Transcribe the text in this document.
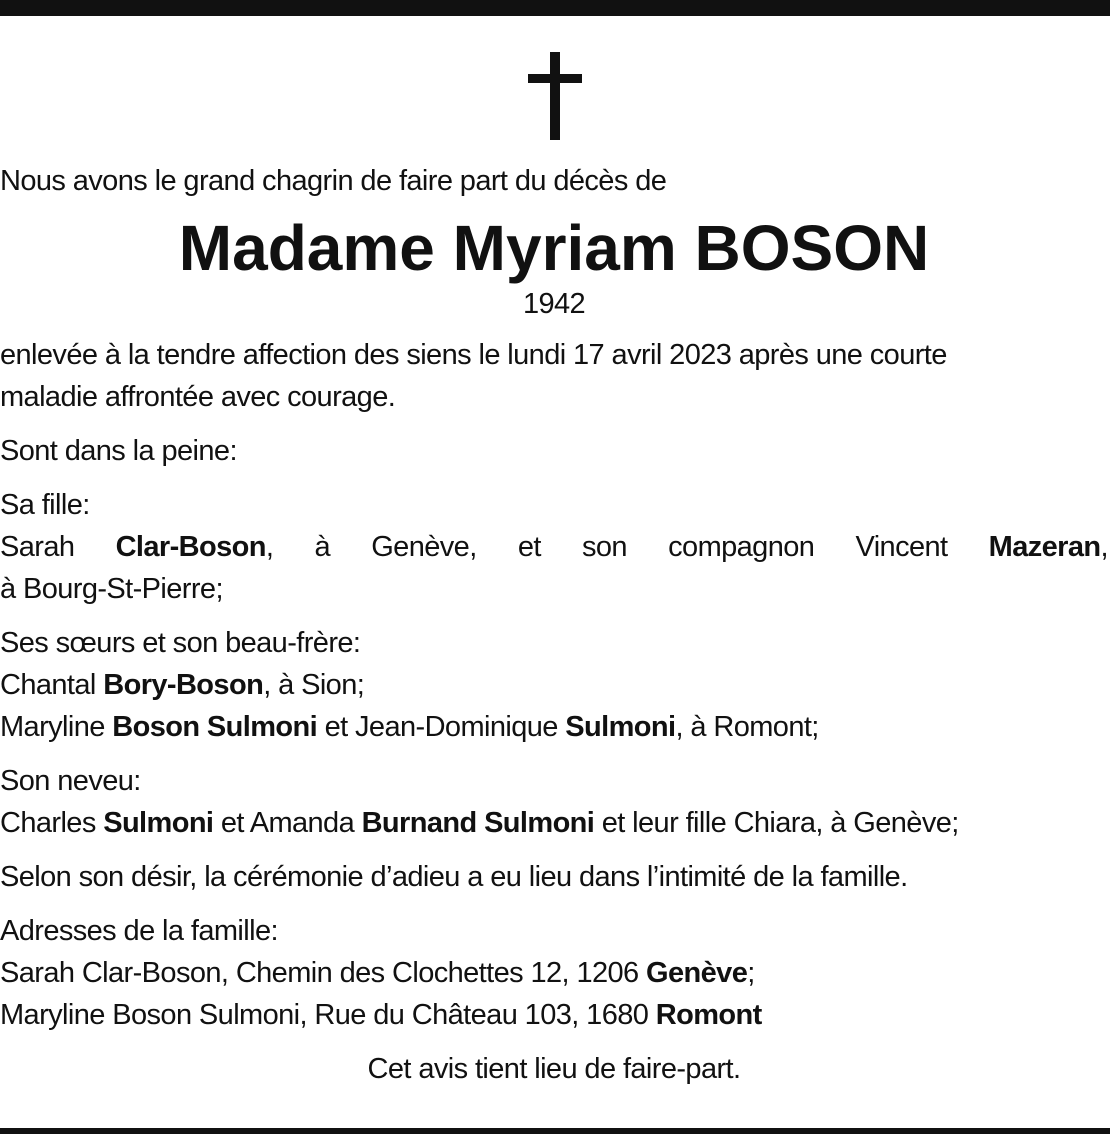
Nous avons le grand chagrin de faire part du décès de

Madame Myriam BOSON

1942

enlevée à la tendre affection des siens le lundi 17 avril 2023 après une courte

maladie affrontée avec courage.

Sont dans la peine:

Sa fille:

Sarah Clar-Boson, à Genève, et son compagnon Vincent Mazeran,

à Bourg-St-Pierre;

Ses sœurs et son beau-frère:

Chantal Bory-Boson, à Sion;

Maryline Boson Sulmoni et Jean-Dominique Sulmoni, à Romont;

Son neveu:

Charles Sulmoni et Amanda Burnand Sulmoni et leur fille Chiara, à Genève;

Selon son désir, la cérémonie d’adieu a eu lieu dans l’intimité de la famille.

Adresses de la famille:

Sarah Clar-Boson, Chemin des Clochettes 12, 1206 Genève;

Maryline Boson Sulmoni, Rue du Château 103, 1680 Romont

Cet avis tient lieu de faire-part.
